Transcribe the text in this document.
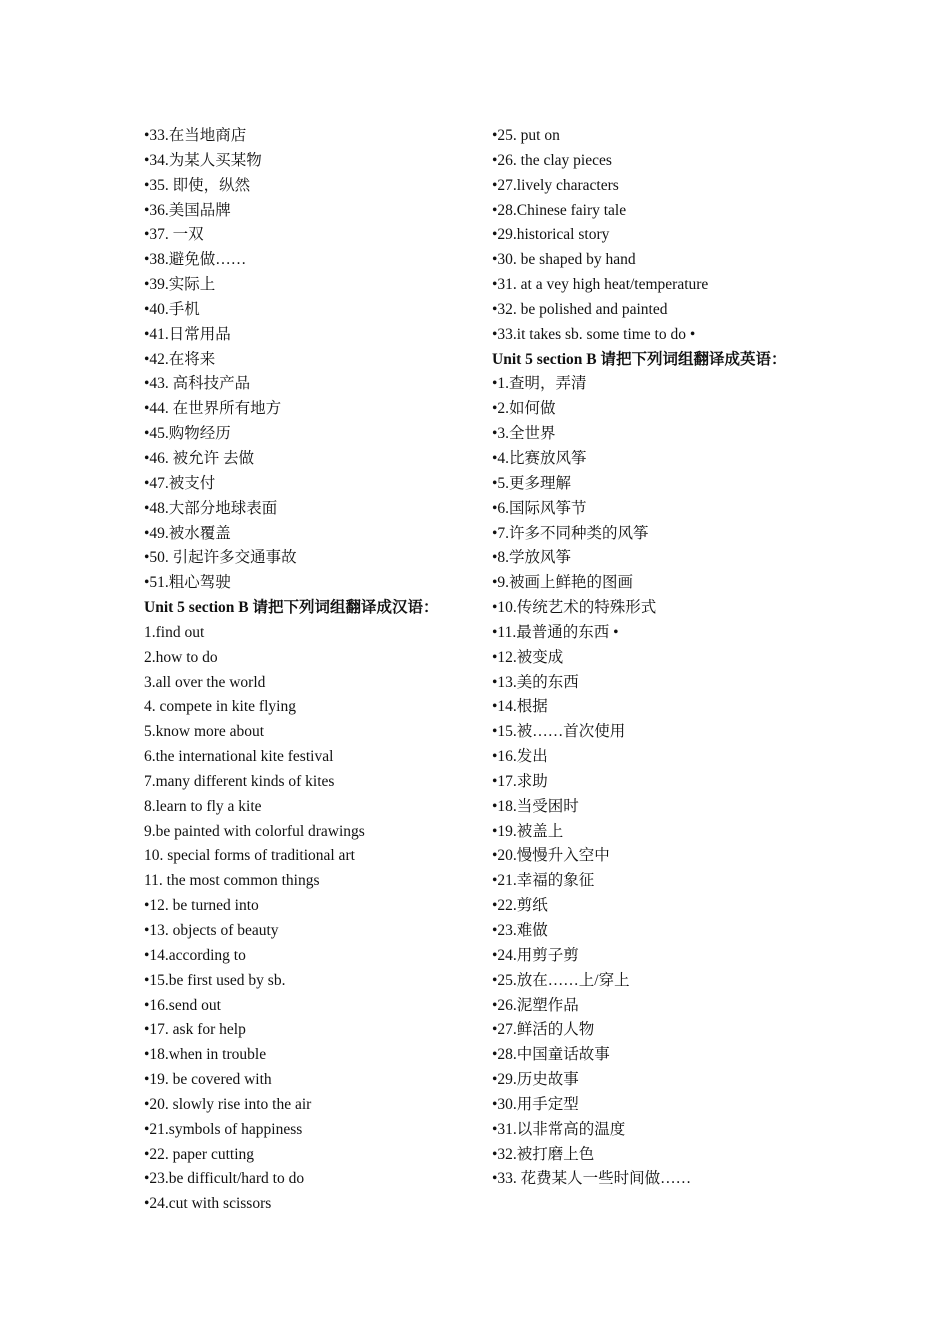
•33.在当地商店
•34.为某人买某物
•35. 即使，纵然
•36.美国品牌
•37. 一双
•38.避免做……
•39.实际上
•40.手机
•41.日常用品
•42.在将来
•43. 高科技产品
•44. 在世界所有地方
•45.购物经历
•46. 被允许 去做
•47.被支付
•48.大部分地球表面
•49.被水覆盖
•50. 引起许多交通事故
•51.粗心驾驶
Unit 5 section B 请把下列词组翻译成汉语：
1.find out
2.how to do
3.all over the world
4. compete in kite flying
5.know more about
6.the international kite festival
7.many different kinds of kites
8.learn to fly a kite
9.be painted with colorful drawings
10. special forms of traditional art
11. the most common things
•12. be turned into
•13. objects of beauty
•14.according to
•15.be first used by sb.
•16.send out
•17. ask for help
•18.when in trouble
•19. be covered with
•20. slowly rise into the air
•21.symbols of happiness
•22. paper cutting
•23.be difficult/hard to do
•24.cut with scissors
•25. put on
•26. the clay pieces
•27.lively characters
•28.Chinese fairy tale
•29.historical story
•30. be shaped by hand
•31. at a vey high heat/temperature
•32. be polished and painted
•33.it takes sb. some time to do •
Unit 5 section B 请把下列词组翻译成英语：
•1.查明，弄清
•2.如何做
•3.全世界
•4.比赛放风筝
•5.更多理解
•6.国际风筝节
•7.许多不同种类的风筝
•8.学放风筝
•9.被画上鲜艳的图画
•10.传统艺术的特殊形式
•11.最普通的东西 •
•12.被变成
•13.美的东西
•14.根据
•15.被……首次使用
•16.发出
•17.求助
•18.当受困时
•19.被盖上
•20.慢慢升入空中
•21.幸福的象征
•22.剪纸
•23.难做
•24.用剪子剪
•25.放在……上/穿上
•26.泥塑作品
•27.鲜活的人物
•28.中国童话故事
•29.历史故事
•30.用手定型
•31.以非常高的温度
•32.被打磨上色
•33. 花费某人一些时间做……
